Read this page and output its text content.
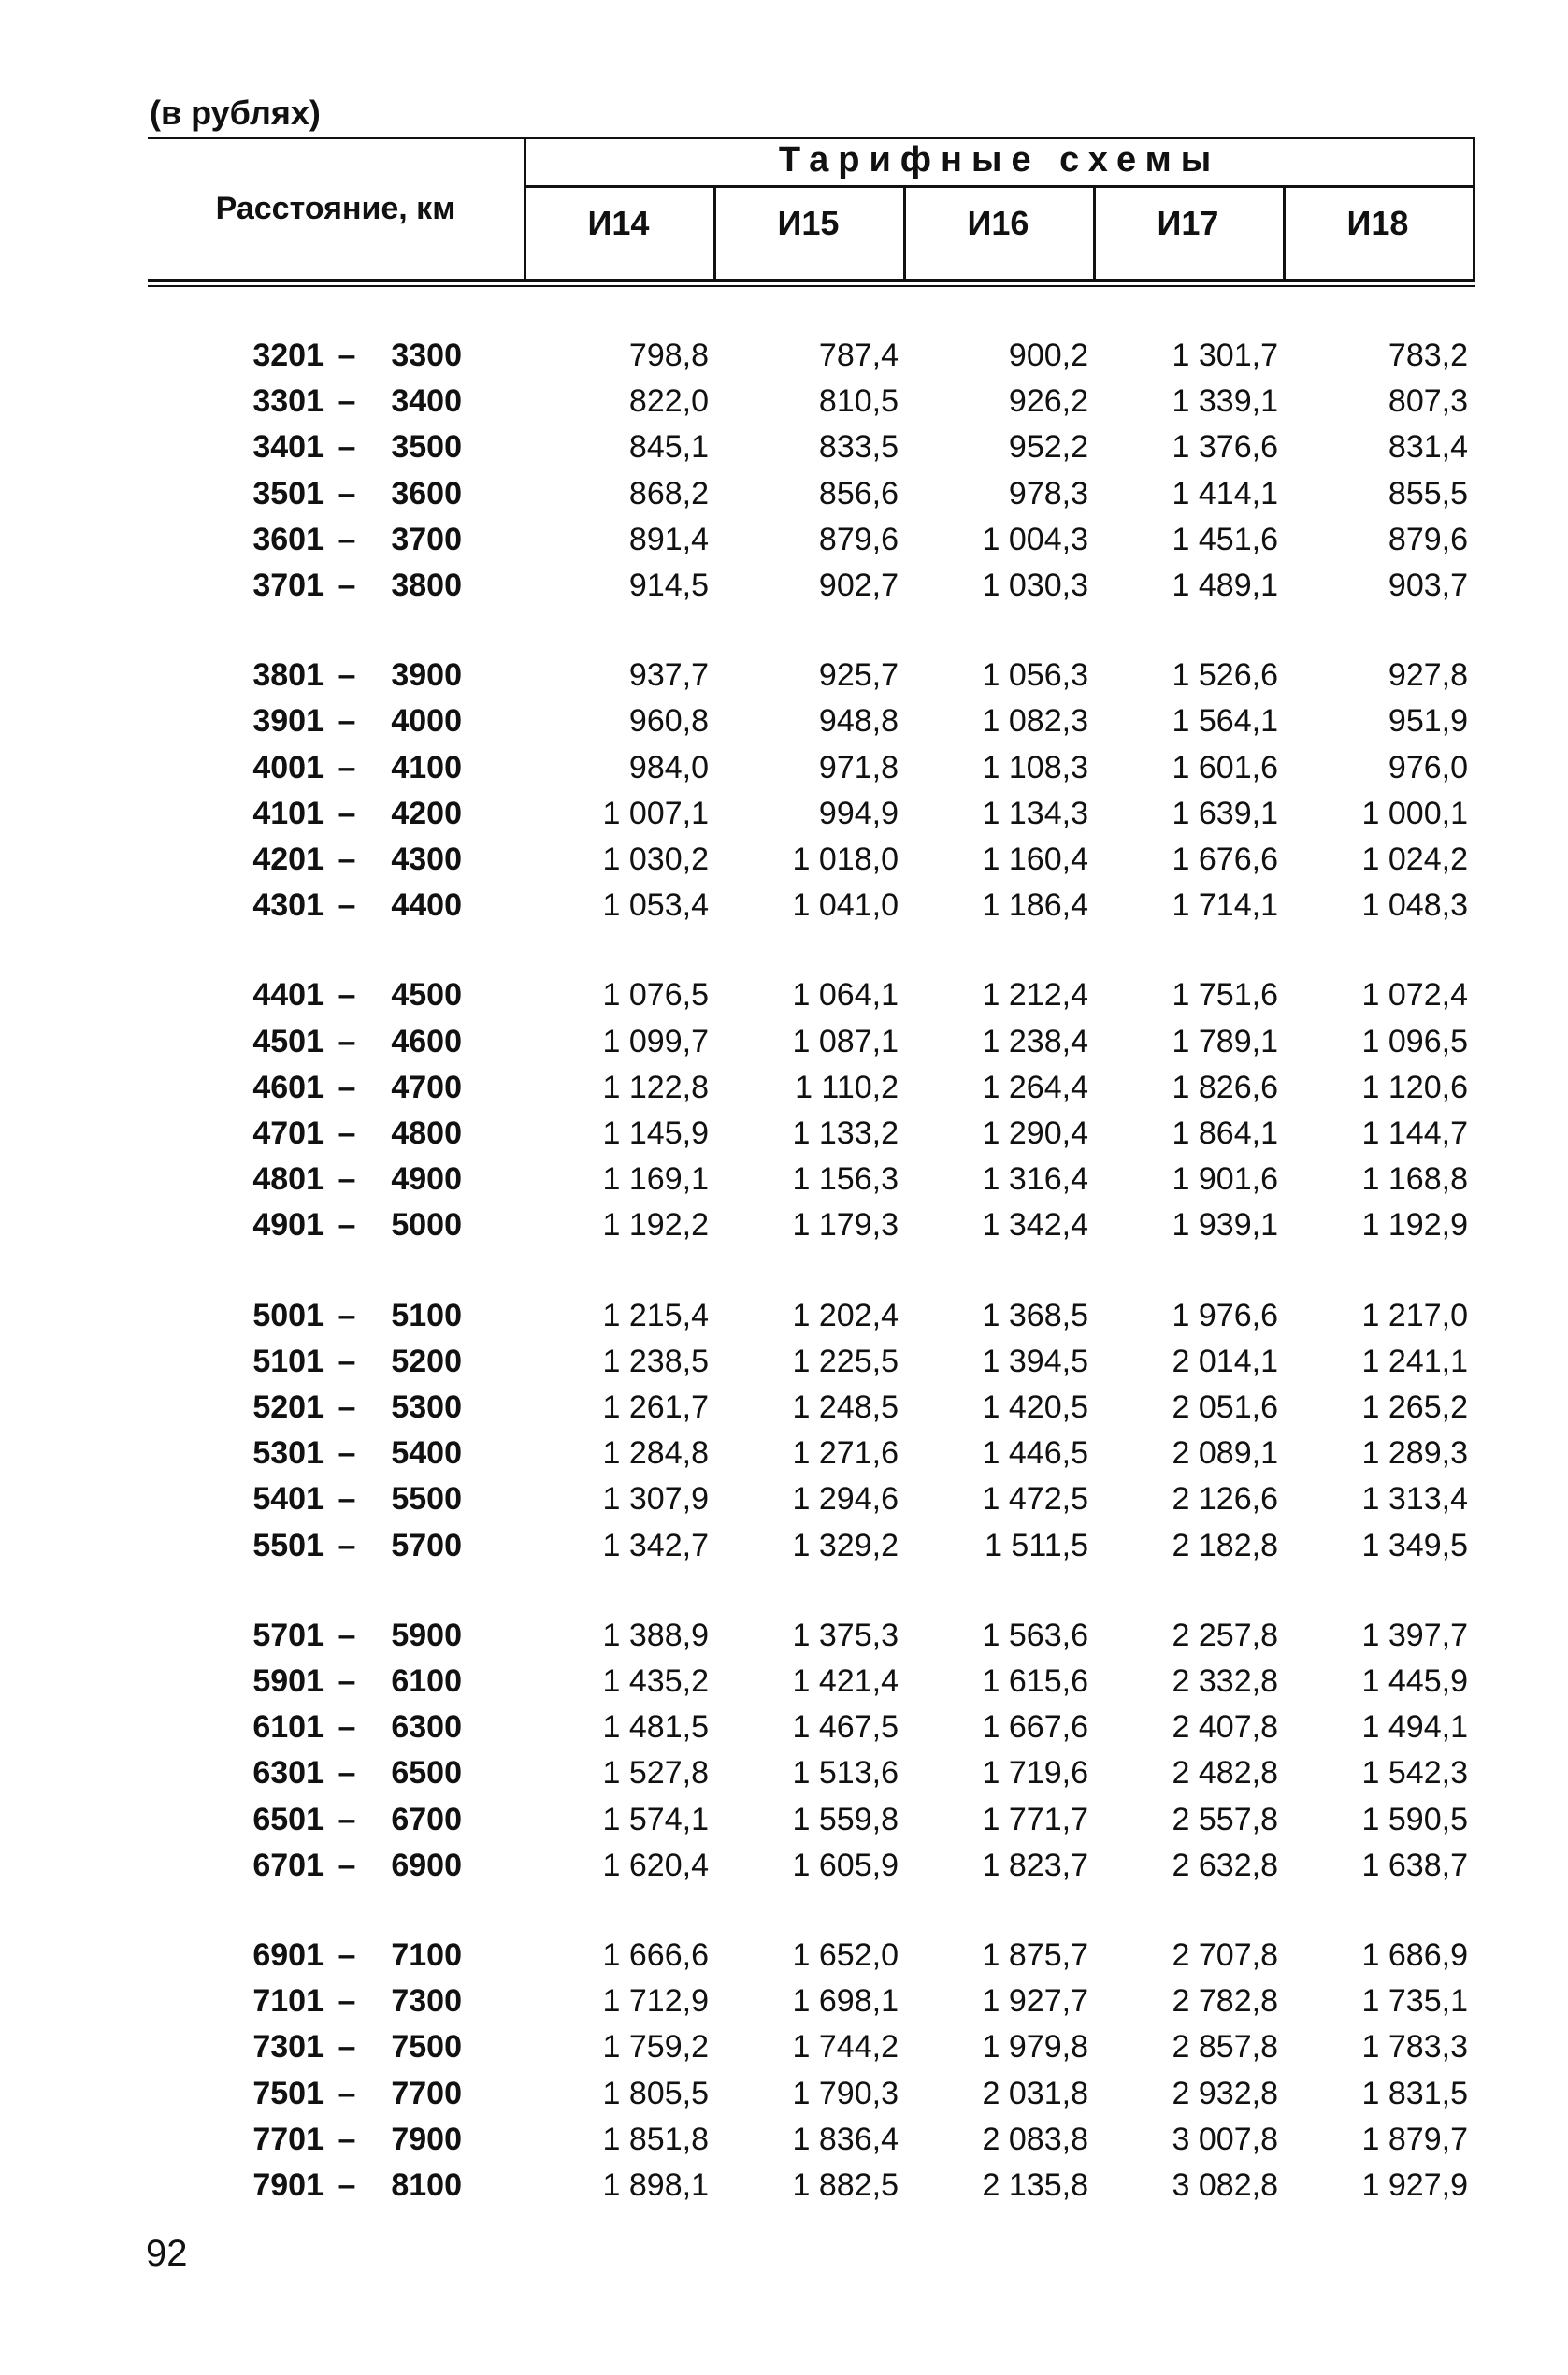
(в рублях)
Расстояние, км
Тарифные схемы
И14	И15	И16	И17	И18
3201 –	3300	798,8	787,4	900,2	1 301,7	783,2
3301 –	3400	822,0	810,5	926,2	1 339,1	807,3
3401 –	3500	845,1	833,5	952,2	1 376,6	831,4
3501 –	3600	868,2	856,6	978,3	1 414,1	855,5
3601 –	3700	891,4	879,6	1 004,3	1 451,6	879,6
3701 –	3800	914,5	902,7	1 030,3	1 489,1	903,7
3801 –	3900	937,7	925,7	1 056,3	1 526,6	927,8
3901 –	4000	960,8	948,8	1 082,3	1 564,1	951,9
4001 –	4100	984,0	971,8	1 108,3	1 601,6	976,0
4101 –	4200	1 007,1	994,9	1 134,3	1 639,1	1 000,1
4201 –	4300	1 030,2	1 018,0	1 160,4	1 676,6	1 024,2
4301 –	4400	1 053,4	1 041,0	1 186,4	1 714,1	1 048,3
4401 –	4500	1 076,5	1 064,1	1 212,4	1 751,6	1 072,4
4501 –	4600	1 099,7	1 087,1	1 238,4	1 789,1	1 096,5
4601 –	4700	1 122,8	1 110,2	1 264,4	1 826,6	1 120,6
4701 –	4800	1 145,9	1 133,2	1 290,4	1 864,1	1 144,7
4801 –	4900	1 169,1	1 156,3	1 316,4	1 901,6	1 168,8
4901 –	5000	1 192,2	1 179,3	1 342,4	1 939,1	1 192,9
5001 –	5100	1 215,4	1 202,4	1 368,5	1 976,6	1 217,0
5101 –	5200	1 238,5	1 225,5	1 394,5	2 014,1	1 241,1
5201 –	5300	1 261,7	1 248,5	1 420,5	2 051,6	1 265,2
5301 –	5400	1 284,8	1 271,6	1 446,5	2 089,1	1 289,3
5401 –	5500	1 307,9	1 294,6	1 472,5	2 126,6	1 313,4
5501 –	5700	1 342,7	1 329,2	1 511,5	2 182,8	1 349,5
5701 –	5900	1 388,9	1 375,3	1 563,6	2 257,8	1 397,7
5901 –	6100	1 435,2	1 421,4	1 615,6	2 332,8	1 445,9
6101 –	6300	1 481,5	1 467,5	1 667,6	2 407,8	1 494,1
6301 –	6500	1 527,8	1 513,6	1 719,6	2 482,8	1 542,3
6501 –	6700	1 574,1	1 559,8	1 771,7	2 557,8	1 590,5
6701 –	6900	1 620,4	1 605,9	1 823,7	2 632,8	1 638,7
6901 –	7100	1 666,6	1 652,0	1 875,7	2 707,8	1 686,9
7101 –	7300	1 712,9	1 698,1	1 927,7	2 782,8	1 735,1
7301 –	7500	1 759,2	1 744,2	1 979,8	2 857,8	1 783,3
7501 –	7700	1 805,5	1 790,3	2 031,8	2 932,8	1 831,5
7701 –	7900	1 851,8	1 836,4	2 083,8	3 007,8	1 879,7
7901 –	8100	1 898,1	1 882,5	2 135,8	3 082,8	1 927,9
92
